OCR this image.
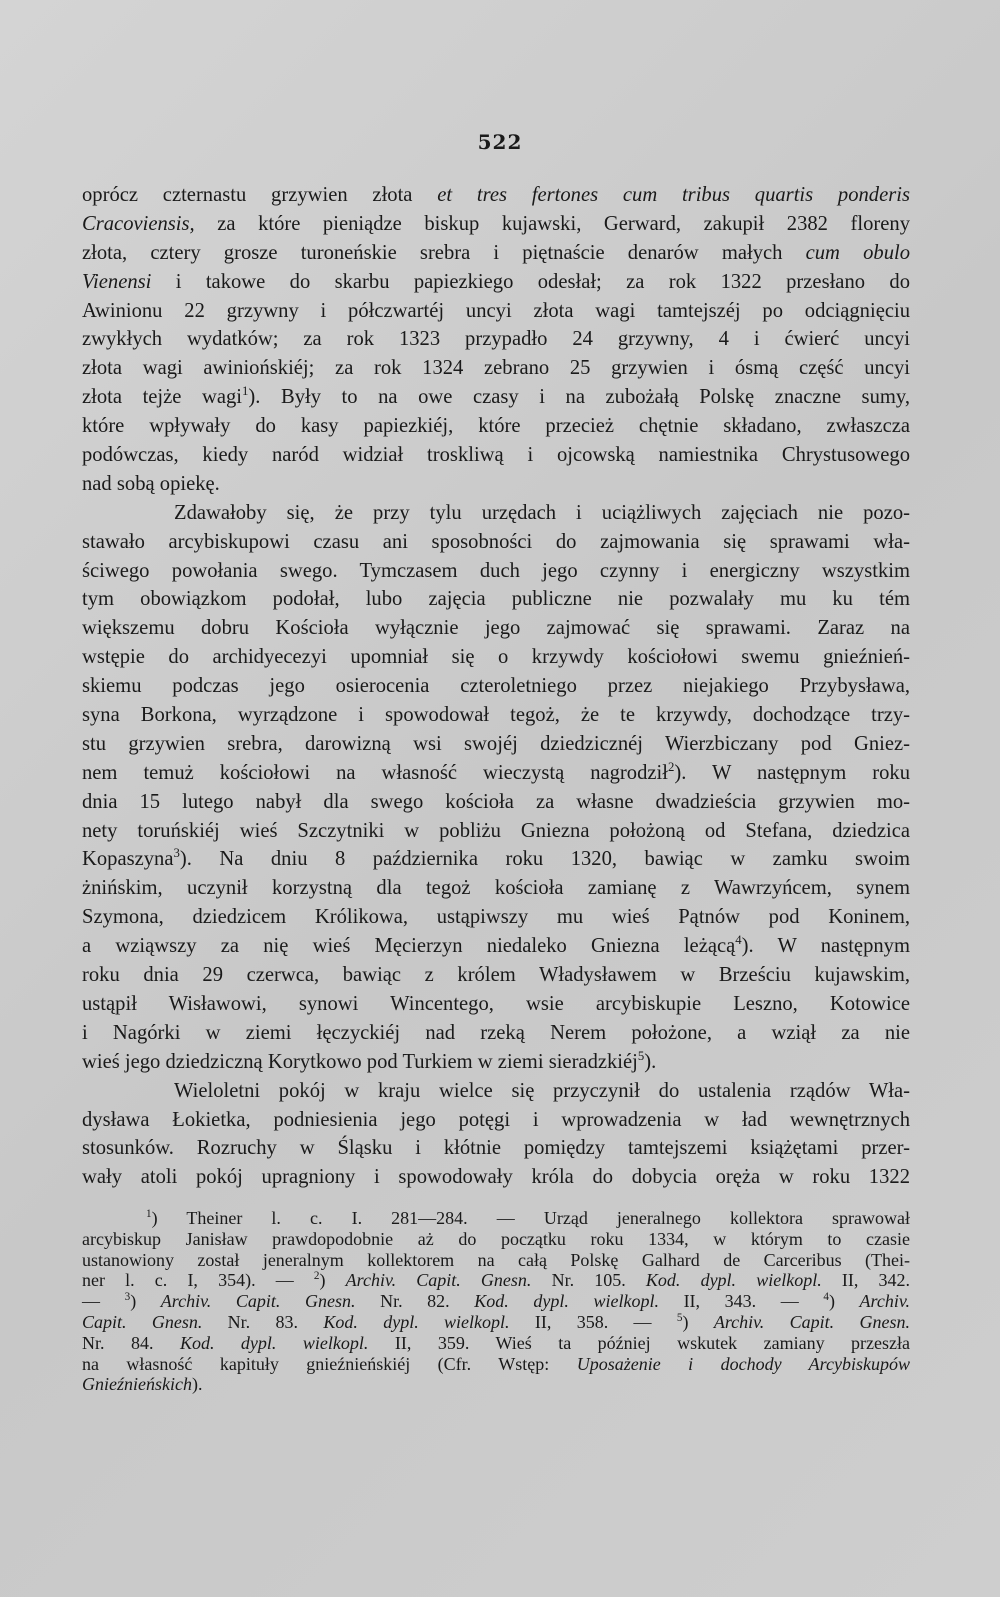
522
oprócz czternastu grzywien złota et tres fertones cum tribus quartis ponderis
Cracoviensis, za które pieniądze biskup kujawski, Gerward, zakupił 2382 floreny
złota, cztery grosze turoneńskie srebra i piętnaście denarów małych cum obulo
Vienensi i takowe do skarbu papiezkiego odesłał; za rok 1322 przesłano do
Awinionu 22 grzywny i półczwartéj uncyi złota wagi tamtejszéj po odciągnięciu
zwykłych wydatków; za rok 1323 przypadło 24 grzywny, 4 i ćwierć uncyi
złota wagi awiniońskiéj; za rok 1324 zebrano 25 grzywien i ósmą część uncyi
złota tejże wagi$^1$). Były to na owe czasy i na zubożałą Polskę znaczne sumy,
które wpływały do kasy papiezkiéj, które przecież chętnie składano, zwłaszcza
podówczas, kiedy naród widział troskliwą i ojcowską namiestnika Chrystusowego
nad sobą opiekę.
Zdawałoby się, że przy tylu urzędach i uciążliwych zajęciach nie pozo-
stawało arcybiskupowi czasu ani sposobności do zajmowania się sprawami wła-
ściwego powołania swego. Tymczasem duch jego czynny i energiczny wszystkim
tym obowiązkom podołał, lubo zajęcia publiczne nie pozwalały mu ku tém
większemu dobru Kościoła wyłącznie jego zajmować się sprawami. Zaraz na
wstępie do archidyecezyi upomniał się o krzywdy kościołowi swemu gnieźnień-
skiemu podczas jego osierocenia czteroletniego przez niejakiego Przybysława,
syna Borkona, wyrządzone i spowodował tegoż, że te krzywdy, dochodzące trzy-
stu grzywien srebra, darowizną wsi swojéj dziedzicznéj Wierzbiczany pod Gniez-
nem temuż kościołowi na własność wieczystą nagrodził$^2$). W następnym roku
dnia 15 lutego nabył dla swego kościoła za własne dwadzieścia grzywien mo-
nety toruńskiéj wieś Szczytniki w pobliżu Gniezna położoną od Stefana, dziedzica
Kopaszyna$^3$). Na dniu 8 października roku 1320, bawiąc w zamku swoim
żnińskim, uczynił korzystną dla tegoż kościoła zamianę z Wawrzyńcem, synem
Szymona, dziedzicem Królikowa, ustąpiwszy mu wieś Pątnów pod Koninem,
a wziąwszy za nię wieś Męcierzyn niedaleko Gniezna leżącą$^4$). W następnym
roku dnia 29 czerwca, bawiąc z królem Władysławem w Brześciu kujawskim,
ustąpił Wisławowi, synowi Wincentego, wsie arcybiskupie Leszno, Kotowice
i Nagórki w ziemi łęczyckiéj nad rzeką Nerem położone, a wziął za nie
wieś jego dziedziczną Korytkowo pod Turkiem w ziemi sieradzkiéj$^5$).
Wieloletni pokój w kraju wielce się przyczynił do ustalenia rządów Wła-
dysława Łokietka, podniesienia jego potęgi i wprowadzenia w ład wewnętrznych
stosunków. Rozruchy w Śląsku i kłótnie pomiędzy tamtejszemi książętami przer-
wały atoli pokój upragniony i spowodowały króla do dobycia oręża w roku 1322
$^1$) Theiner l. c. I. 281—284. — Urząd jeneralnego kollektora sprawował
arcybiskup Janisław prawdopodobnie aż do początku roku 1334, w którym to czasie
ustanowiony został jeneralnym kollektorem na całą Polskę Galhard de Carceribus (Thei-
ner l. c. I, 354). — $^2$) Archiv. Capit. Gnesn. Nr. 105. Kod. dypl. wielkopl. II, 342.
— $^3$) Archiv. Capit. Gnesn. Nr. 82. Kod. dypl. wielkopl. II, 343. — $^4$) Archiv.
Capit. Gnesn. Nr. 83. Kod. dypl. wielkopl. II, 358. — $^5$) Archiv. Capit. Gnesn.
Nr. 84. Kod. dypl. wielkopl. II, 359. Wieś ta później wskutek zamiany przeszła
na własność kapituły gnieźnieńskiéj (Cfr. Wstęp: Uposażenie i dochody Arcybiskupów
Gnieźnieńskich).
